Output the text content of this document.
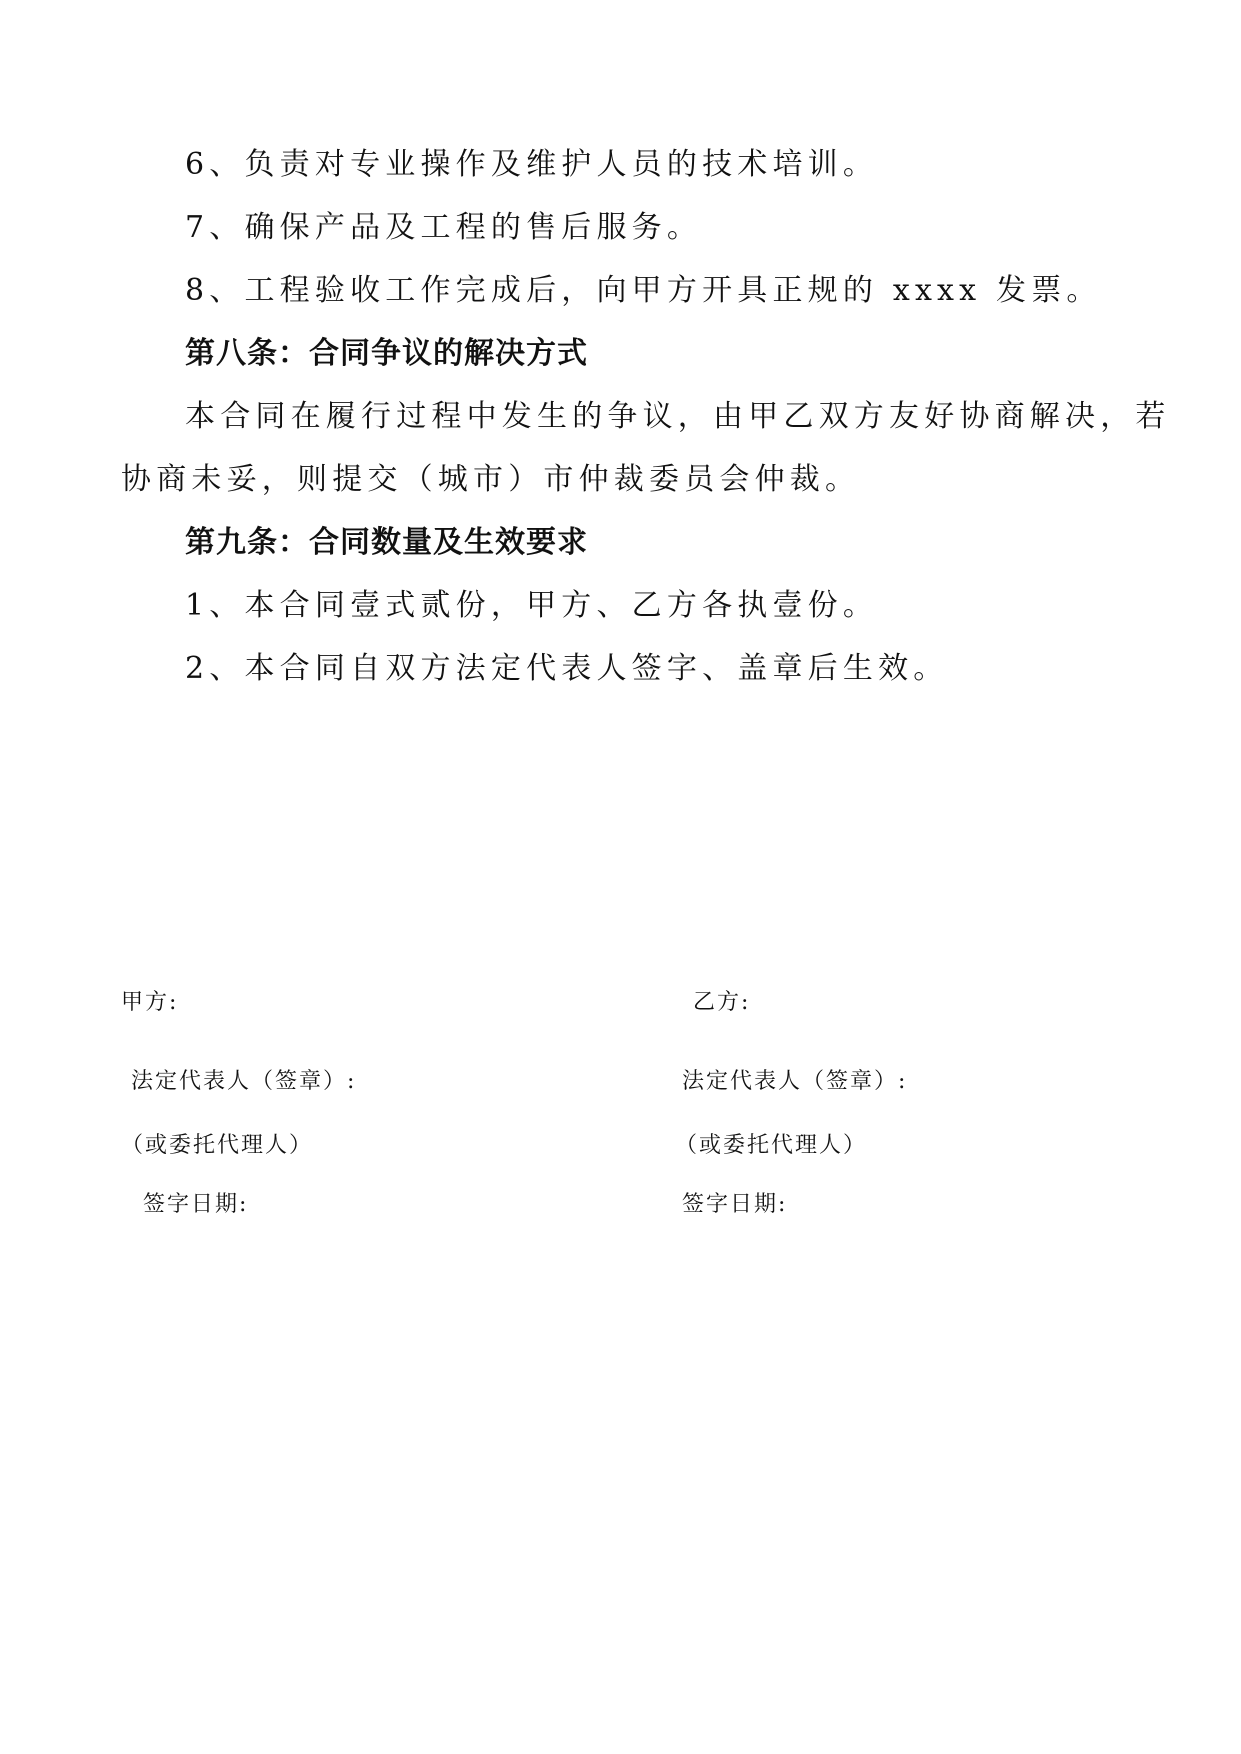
6、负责对专业操作及维护人员的技术培训。
7、确保产品及工程的售后服务。
8、工程验收工作完成后，向甲方开具正规的 xxxx 发票。
第八条：合同争议的解决方式
本合同在履行过程中发生的争议，由甲乙双方友好协商解决，若
协商未妥，则提交（城市）市仲裁委员会仲裁。
第九条：合同数量及生效要求
1、本合同壹式贰份，甲方、乙方各执壹份。
2、本合同自双方法定代表人签字、盖章后生效。
甲方:
法定代表人（签章）:
（或委托代理人）
签字日期:
乙方:
法定代表人（签章）:
（或委托代理人）
签字日期:
